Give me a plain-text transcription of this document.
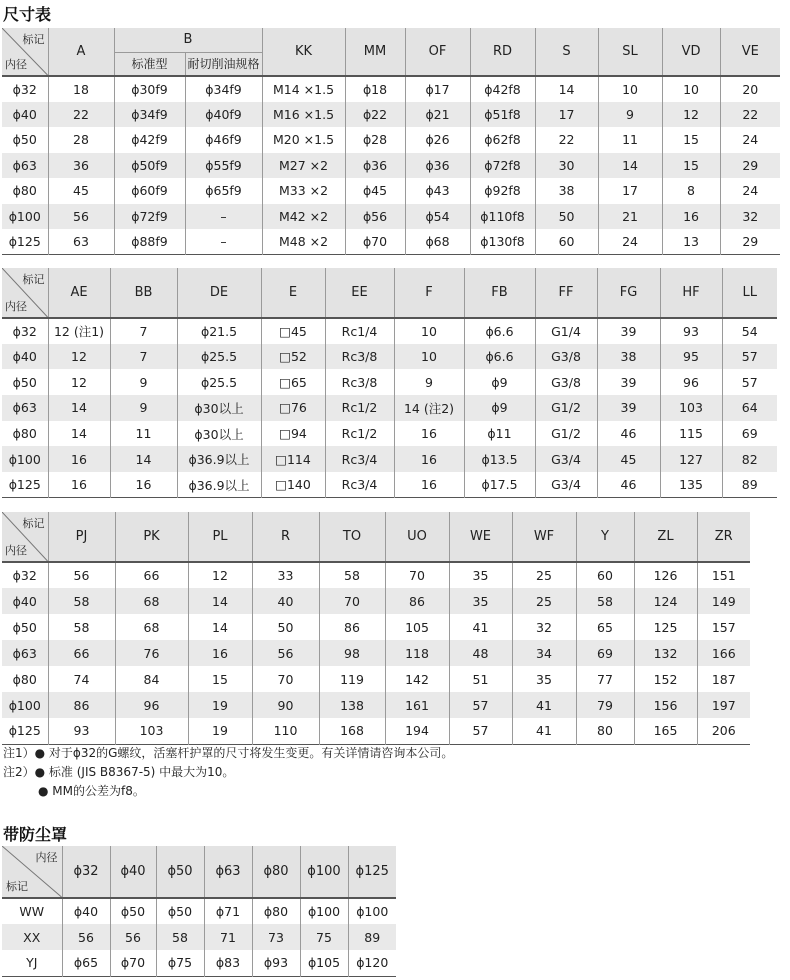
尺寸表
标记
内径	A	B		KK	MM	OF	RD	S	SL	VD	VE
		标准型	耐切削油规格								
ϕ32	18	ϕ30f9	ϕ34f9	M14 ×1.5	ϕ18	ϕ17	ϕ42f8	14	10	10	20
ϕ40	22	ϕ34f9	ϕ40f9	M16 ×1.5	ϕ22	ϕ21	ϕ51f8	17	9	12	22
ϕ50	28	ϕ42f9	ϕ46f9	M20 ×1.5	ϕ28	ϕ26	ϕ62f8	22	11	15	24
ϕ63	36	ϕ50f9	ϕ55f9	M27 ×2	ϕ36	ϕ36	ϕ72f8	30	14	15	29
ϕ80	45	ϕ60f9	ϕ65f9	M33 ×2	ϕ45	ϕ43	ϕ92f8	38	17	8	24
ϕ100	56	ϕ72f9	–	M42 ×2	ϕ56	ϕ54	ϕ110f8	50	21	16	32
ϕ125	63	ϕ88f9	–	M48 ×2	ϕ70	ϕ68	ϕ130f8	60	24	13	29
标记
内径	AE	BB	DE	E	EE	F	FB	FF	FG	HF	LL
ϕ32	12 (注1)	7	ϕ21.5	□45	Rc1/4	10	ϕ6.6	G1/4	39	93	54
ϕ40	12	7	ϕ25.5	□52	Rc3/8	10	ϕ6.6	G3/8	38	95	57
ϕ50	12	9	ϕ25.5	□65	Rc3/8	9	ϕ9	G3/8	39	96	57
ϕ63	14	9	ϕ30以上	□76	Rc1/2	14 (注2)	ϕ9	G1/2	39	103	64
ϕ80	14	11	ϕ30以上	□94	Rc1/2	16	ϕ11	G1/2	46	115	69
ϕ100	16	14	ϕ36.9以上	□114	Rc3/4	16	ϕ13.5	G3/4	45	127	82
ϕ125	16	16	ϕ36.9以上	□140	Rc3/4	16	ϕ17.5	G3/4	46	135	89
标记
内径	PJ	PK	PL	R	TO	UO	WE	WF	Y	ZL	ZR
ϕ32	56	66	12	33	58	70	35	25	60	126	151
ϕ40	58	68	14	40	70	86	35	25	58	124	149
ϕ50	58	68	14	50	86	105	41	32	65	125	157
ϕ63	66	76	16	56	98	118	48	34	69	132	166
ϕ80	74	84	15	70	119	142	51	35	77	152	187
ϕ100	86	96	19	90	138	161	57	41	79	156	197
ϕ125	93	103	19	110	168	194	57	41	80	165	206
注1）● 对于ϕ32的G螺纹，活塞杆护罩的尺寸将发生变更。有关详情请咨询本公司。
注2）● 标准 (JIS B8367-5) 中最大为10。
● MM的公差为f8。
带防尘罩
内径
标记	ϕ32	ϕ40	ϕ50	ϕ63	ϕ80	ϕ100	ϕ125
WW	ϕ40	ϕ50	ϕ50	ϕ71	ϕ80	ϕ100	ϕ100
XX	56	56	58	71	73	75	89
YJ	ϕ65	ϕ70	ϕ75	ϕ83	ϕ93	ϕ105	ϕ120
